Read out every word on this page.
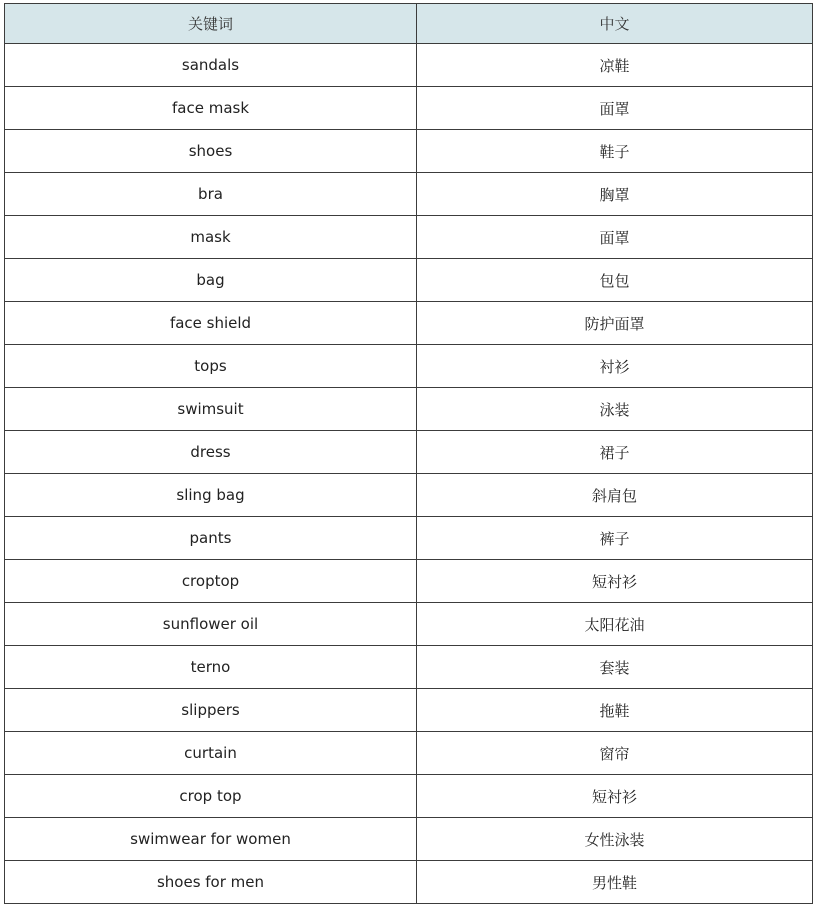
关键词	中文
sandals	凉鞋
face mask	面罩
shoes	鞋子
bra	胸罩
mask	面罩
bag	包包
face shield	防护面罩
tops	衬衫
swimsuit	泳装
dress	裙子
sling bag	斜肩包
pants	裤子
croptop	短衬衫
sunflower oil	太阳花油
terno	套装
slippers	拖鞋
curtain	窗帘
crop top	短衬衫
swimwear for women	女性泳装
shoes for men	男性鞋
